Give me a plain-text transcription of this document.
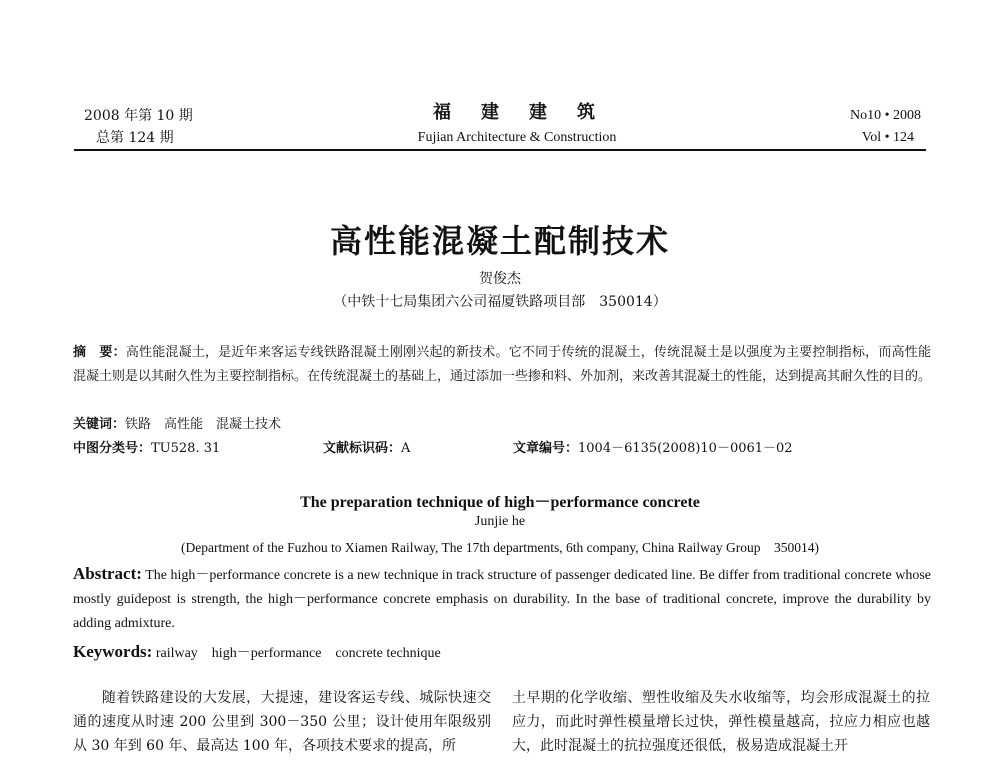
2008 年第 10 期
总第 124 期
福　建　建　筑
Fujian Architecture & Construction
No10 • 2008
Vol • 124
高性能混凝土配制技术
贺俊杰
（中铁十七局集团六公司福厦铁路项目部　350014）
摘　要：高性能混凝土，是近年来客运专线铁路混凝土刚刚兴起的新技术。它不同于传统的混凝土，传统混凝土是以强度为主要控制指标，而高性能混凝土则是以其耐久性为主要控制指标。在传统混凝土的基础上，通过添加一些掺和料、外加剂，来改善其混凝土的性能，达到提高其耐久性的目的。
关键词：铁路　高性能　混凝土技术
中图分类号：TU528. 31	文献标识码：A	文章编号：1004－6135(2008)10－0061－02
The preparation technique of high－performance concrete
Junjie he
(Department of the Fuzhou to Xiamen Railway, The 17th departments, 6th company, China Railway Group　350014)
Abstract: The high－performance concrete is a new technique in track structure of passenger dedicated line. Be differ from traditional concrete whose mostly guidepost is strength, the high－performance concrete emphasis on durability. In the base of traditional concrete, improve the durability by adding admixture.
Keywords: railway　high－performance　concrete technique
　　随着铁路建设的大发展，大提速，建设客运专线、城际快速交通的速度从时速 200 公里到 300－350 公里；设计使用年限级别从 30 年到 60 年、最高达 100 年，各项技术要求的提高，所
土早期的化学收缩、塑性收缩及失水收缩等，均会形成混凝土的拉应力，而此时弹性模量增长过快，弹性模量越高，拉应力相应也越大，此时混凝土的抗拉强度还很低，极易造成混凝土开
